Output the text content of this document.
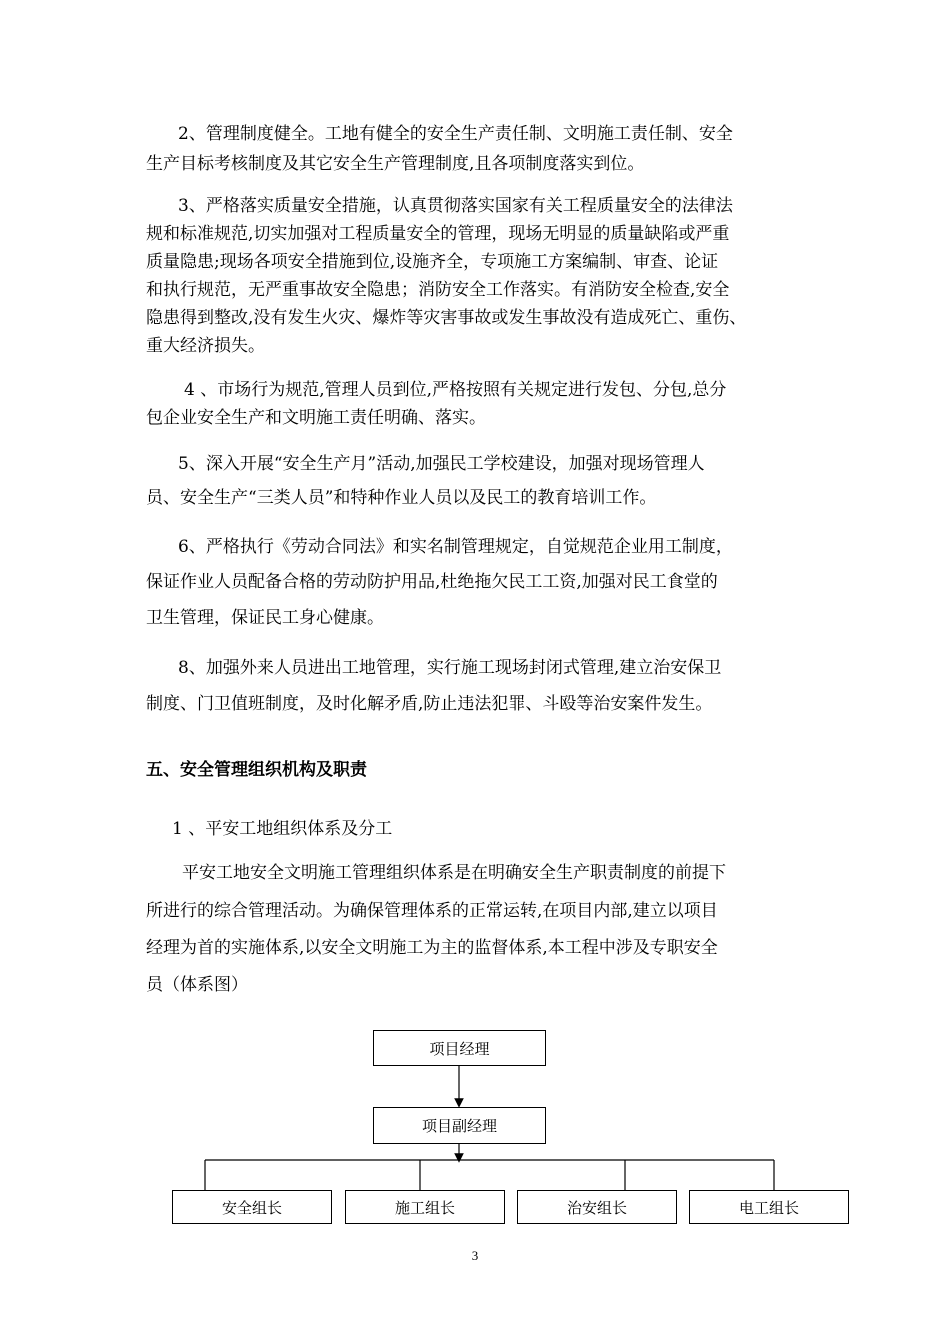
2、管理制度健全。工地有健全的安全生产责任制、文明施工责任制、安全
生产目标考核制度及其它安全生产管理制度,且各项制度落实到位。
3、严格落实质量安全措施，认真贯彻落实国家有关工程质量安全的法律法
规和标准规范,切实加强对工程质量安全的管理，现场无明显的质量缺陷或严重
质量隐患;现场各项安全措施到位,设施齐全，专项施工方案编制、审查、论证
和执行规范，无严重事故安全隐患；消防安全工作落实。有消防安全检查,安全
隐患得到整改,没有发生火灾、爆炸等灾害事故或发生事故没有造成死亡、重伤、
重大经济损失。
4 、市场行为规范,管理人员到位,严格按照有关规定进行发包、分包,总分
包企业安全生产和文明施工责任明确、落实。
5、深入开展“安全生产月”活动,加强民工学校建设，加强对现场管理人
员、安全生产“三类人员”和特种作业人员以及民工的教育培训工作。
6、严格执行《劳动合同法》和实名制管理规定，自觉规范企业用工制度，
保证作业人员配备合格的劳动防护用品,杜绝拖欠民工工资,加强对民工食堂的
卫生管理，保证民工身心健康。
8、加强外来人员进出工地管理，实行施工现场封闭式管理,建立治安保卫
制度、门卫值班制度，及时化解矛盾,防止违法犯罪、斗殴等治安案件发生。
五、安全管理组织机构及职责
1 、平安工地组织体系及分工
平安工地安全文明施工管理组织体系是在明确安全生产职责制度的前提下
所进行的综合管理活动。为确保管理体系的正常运转,在项目内部,建立以项目
经理为首的实施体系,以安全文明施工为主的监督体系,本工程中涉及专职安全
员（体系图）
项目经理
项目副经理
安全组长	施工组长	治安组长	电工组长
3
